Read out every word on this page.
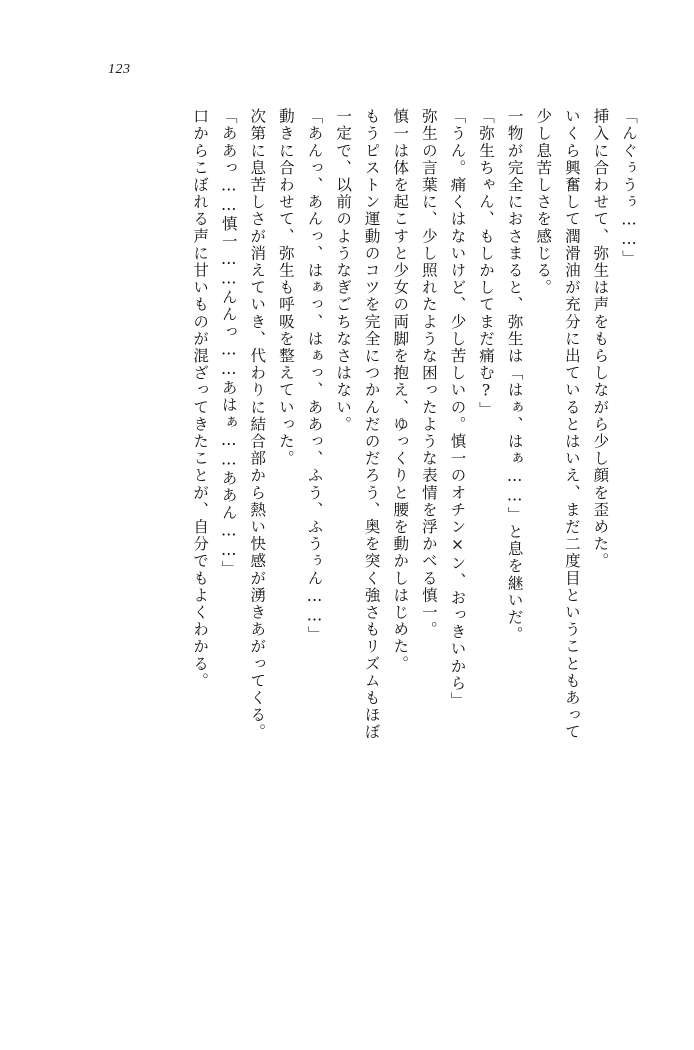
123
「んぐぅうぅ……」
挿入に合わせて、弥生は声をもらしながら少し顔を歪めた。
いくら興奮して潤滑油が充分に出ているとはいえ、まだ二度目ということもあって
少し息苦しさを感じる。
一物が完全におさまると、弥生は「はぁ、はぁ……」と息を継いだ。
「弥生ちゃん、もしかしてまだ痛む?」
「うん。痛くはないけど、少し苦しいの。慎一のオチン×ン、おっきいから」
弥生の言葉に、少し照れたような困ったような表情を浮かべる慎一。
慎一は体を起こすと少女の両脚を抱え、ゆっくりと腰を動かしはじめた。
もうピストン運動のコツを完全につかんだのだろう、奥を突く強さもリズムもほぼ
一定で、以前のようなぎごちなさはない。
「あんっ、あんっ、はぁっ、はぁっ、ああっ、ふう、ふうぅん……」
動きに合わせて、弥生も呼吸を整えていった。
次第に息苦しさが消えていき、代わりに結合部から熱い快感が湧きあがってくる。
「ああっ……慎一……んんっ……あはぁ……ああん……」
口からこぼれる声に甘いものが混ざってきたことが、自分でもよくわかる。
